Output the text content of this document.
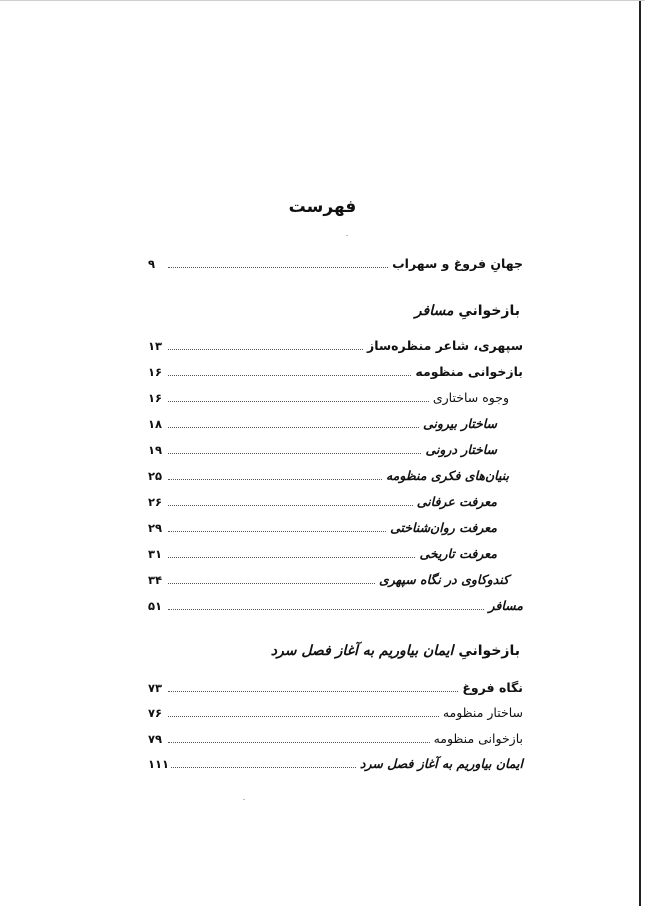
فهرست
جهانِ فروغ و سهراب
۹
بازخوانیِ مسافر
سپهری، شاعر منظره‌ساز
۱۳
بازخوانی منظومه
۱۶
وجوه ساختاری
۱۶
ساختار بیرونی
۱۸
ساختار درونی
۱۹
بنیان‌های فکری منظومه
۲۵
معرفت عرفانی
۲۶
معرفت روان‌شناختی
۲۹
معرفت تاریخی
۳۱
کندوکاوی در نگاه سپهری
۳۴
مسافر
۵۱
بازخوانیِ ایمان بیاوریم به آغاز فصل سرد
نگاه فروغ
۷۳
ساختار منظومه
۷۶
بازخوانی منظومه
۷۹
ایمان بیاوریم به آغاز فصل سرد
۱۱۱
